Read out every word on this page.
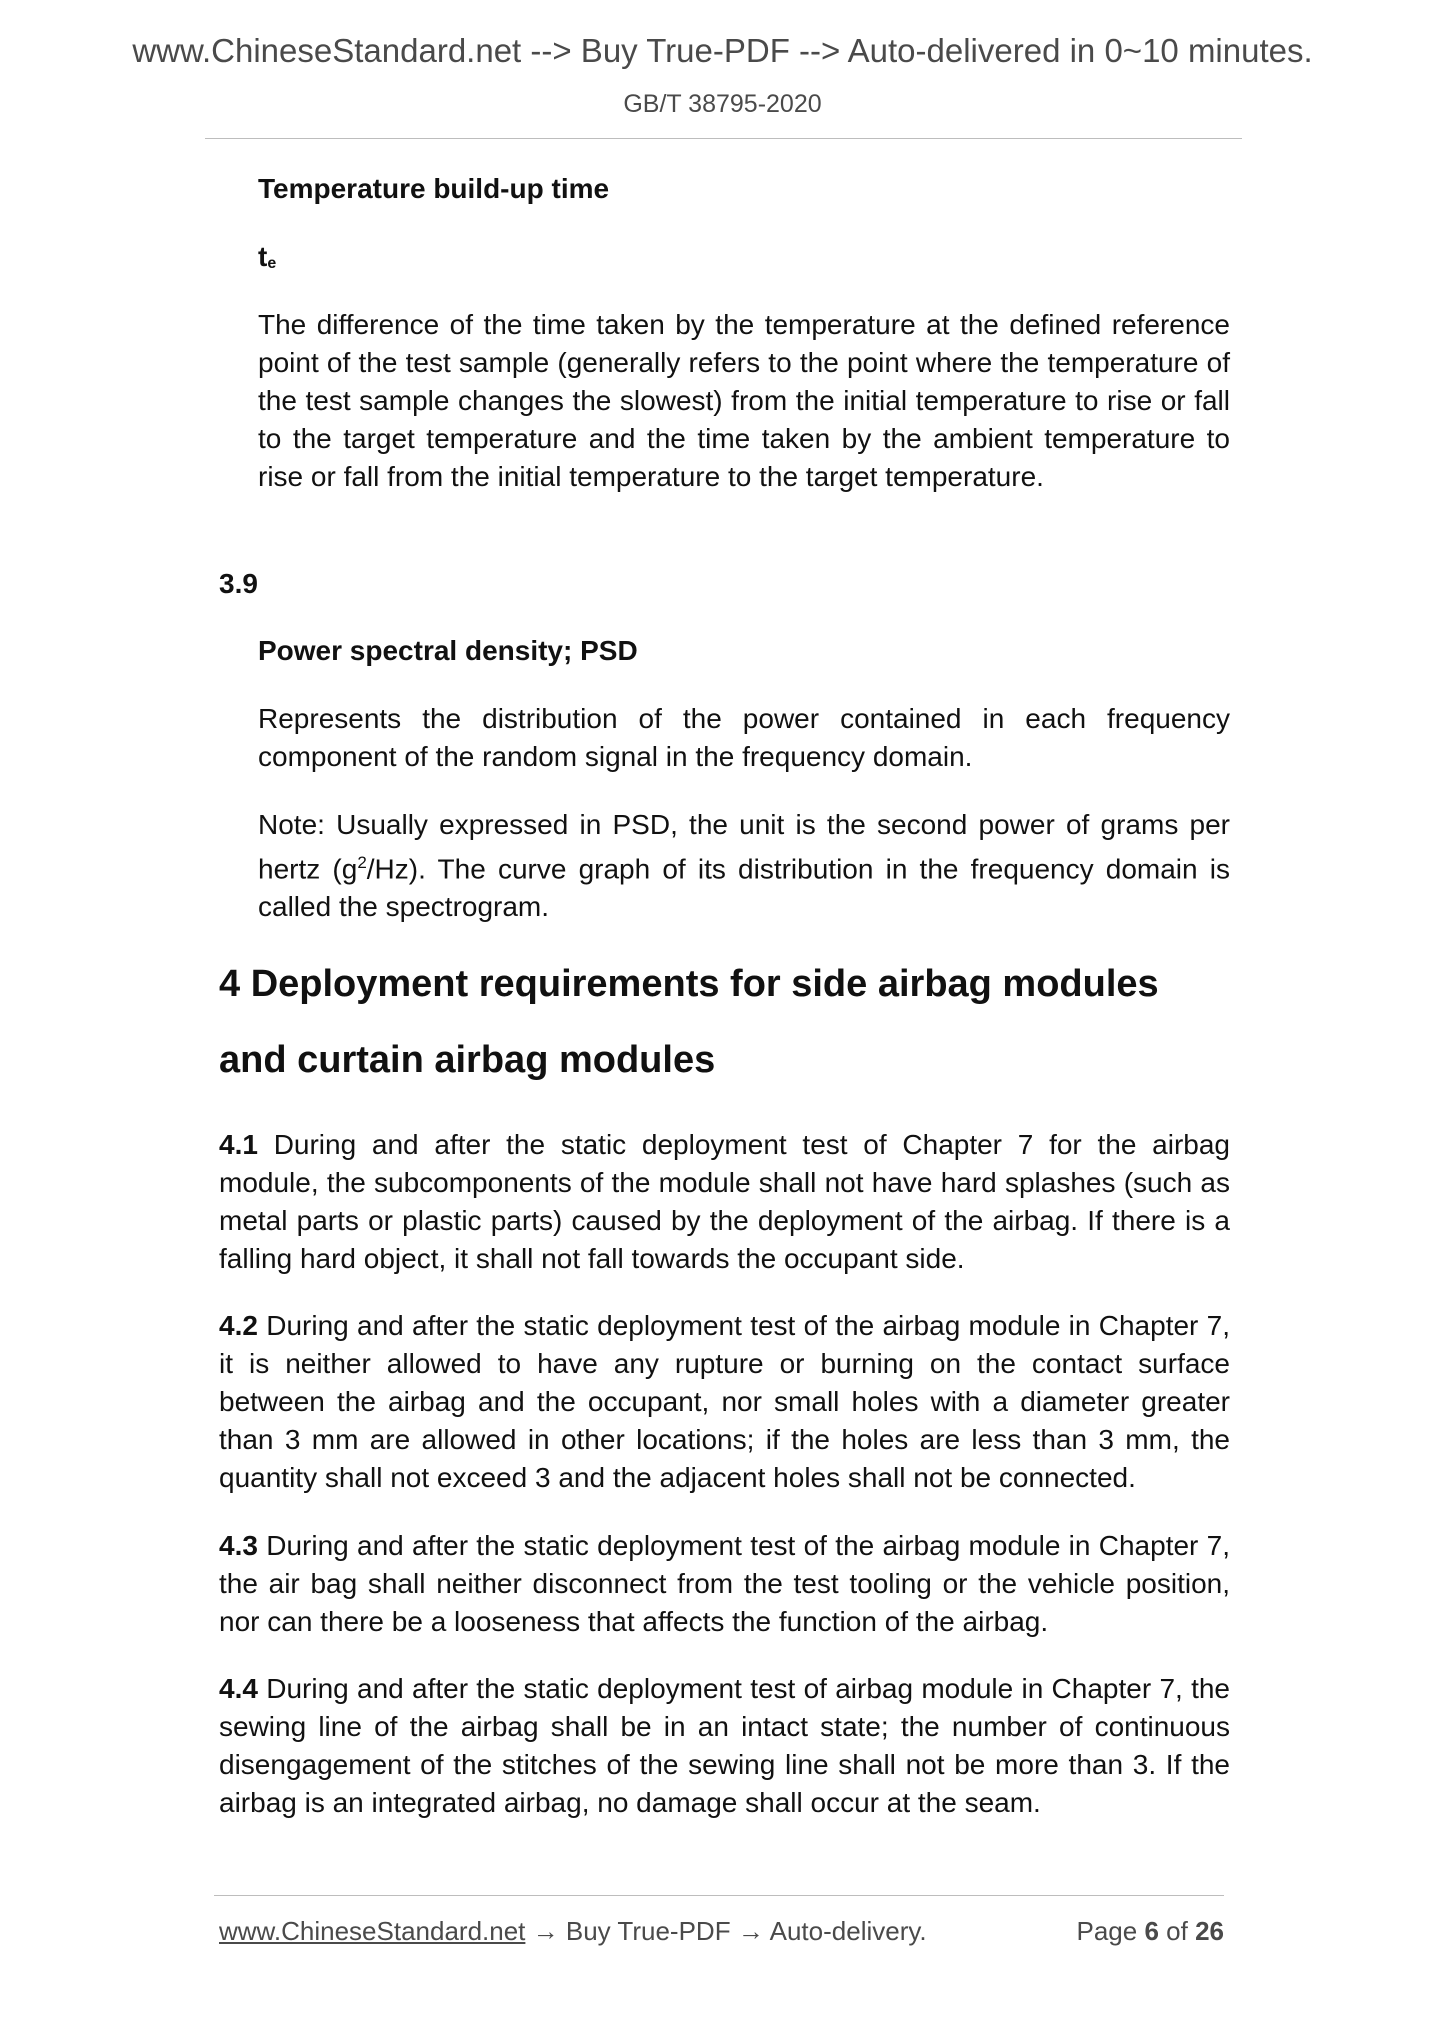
www.ChineseStandard.net --> Buy True-PDF --> Auto-delivered in 0~10 minutes.
GB/T 38795-2020
Temperature build-up time
$t_e$
The difference of the time taken by the temperature at the defined reference point of the test sample (generally refers to the point where the temperature of the test sample changes the slowest) from the initial temperature to rise or fall to the target temperature and the time taken by the ambient temperature to rise or fall from the initial temperature to the target temperature.
3.9
Power spectral density; PSD
Represents the distribution of the power contained in each frequency component of the random signal in the frequency domain.
Note: Usually expressed in PSD, the unit is the second power of grams per hertz $(g^2/Hz)$. The curve graph of its distribution in the frequency domain is called the spectrogram.
4 Deployment requirements for side airbag modules
and curtain airbag modules
4.1 During and after the static deployment test of Chapter 7 for the airbag module, the subcomponents of the module shall not have hard splashes (such as metal parts or plastic parts) caused by the deployment of the airbag. If there is a falling hard object, it shall not fall towards the occupant side.
4.2 During and after the static deployment test of the airbag module in Chapter 7, it is neither allowed to have any rupture or burning on the contact surface between the airbag and the occupant, nor small holes with a diameter greater than 3 mm are allowed in other locations; if the holes are less than 3 mm, the quantity shall not exceed 3 and the adjacent holes shall not be connected.
4.3 During and after the static deployment test of the airbag module in Chapter 7, the air bag shall neither disconnect from the test tooling or the vehicle position, nor can there be a looseness that affects the function of the airbag.
4.4 During and after the static deployment test of airbag module in Chapter 7, the sewing line of the airbag shall be in an intact state; the number of continuous disengagement of the stitches of the sewing line shall not be more than 3. If the airbag is an integrated airbag, no damage shall occur at the seam.
www.ChineseStandard.net → Buy True-PDF → Auto-delivery.	Page 6 of 26
